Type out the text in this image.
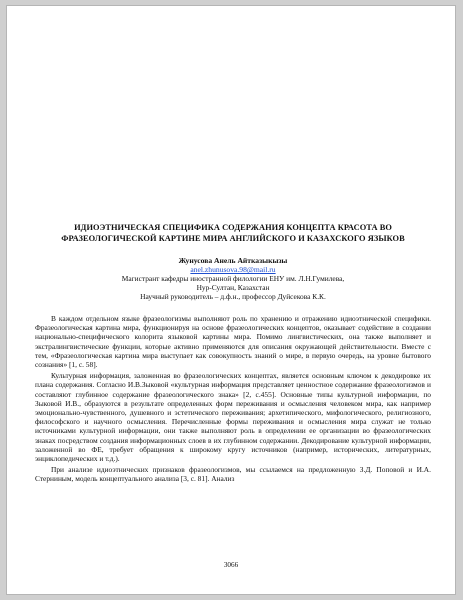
ИДИОЭТНИЧЕСКАЯ СПЕЦИФИКА СОДЕРЖАНИЯ КОНЦЕПТА КРАСОТА ВО
ФРАЗЕОЛОГИЧЕСКОЙ КАРТИНЕ МИРА АНГЛИЙСКОГО И КАЗАХСКОГО ЯЗЫКОВ
Жунусова Анель Айтказыкызы
anel.zhunusova.98@mail.ru
Магистрант кафедры иностранной филологии ЕНУ им. Л.Н.Гумилева,
Нур-Султан, Казахстан
Научный руководитель – д.ф.н., профессор Дуйсекова К.К.

В каждом отдельном языке фразеологизмы выполняют роль по хранению и отражению идиоэтнической специфики. Фразеологическая картина мира, функционируя на основе фразеологических концептов, оказывает содействие в создании национально-специфического колорита языковой картины мира. Помимо лингвистических, она также выполняет и экстралингвистические функции, которые активно применяются для описания окружающей действительности. Вместе с тем, «Фразеологическая картина мира выступает как совокупность знаний о мире, в первую очередь, на уровне бытового сознания» [1, с. 58].

Культурная информация, заложенная во фразеологических концептах, является основным ключом к декодировке их плана содержания. Согласно И.В.Зыковой «культурная информация представляет ценностное содержание фразеологизмов и составляют глубинное содержание фразеологического знака» [2, с.455]. Основные типы культурной информации, по Зыковой И.В., образуются в результате определенных форм переживания и осмысления человеком мира, как например эмоционально-чувственного, душевного и эстетического переживания; архетипического, мифологического, религиозного, философского и научного осмысления. Перечисленные формы переживания и осмысления мира служат не только источниками культурной информации, они также выполняют роль в определении ее организации во фразеологических знаках посредством создания информационных слоев в их глубинном содержании. Декодирование культурной информации, заложенной во ФЕ, требует обращения к широкому кругу источников (например, исторических, литературных, энциклопедических и т.д.).

При анализе идиоэтнических признаков фразеологизмов, мы ссылаемся на предложенную З.Д. Поповой и И.А. Стерниным, модель концептуального анализа [3, с. 81]. Анализ

3066
